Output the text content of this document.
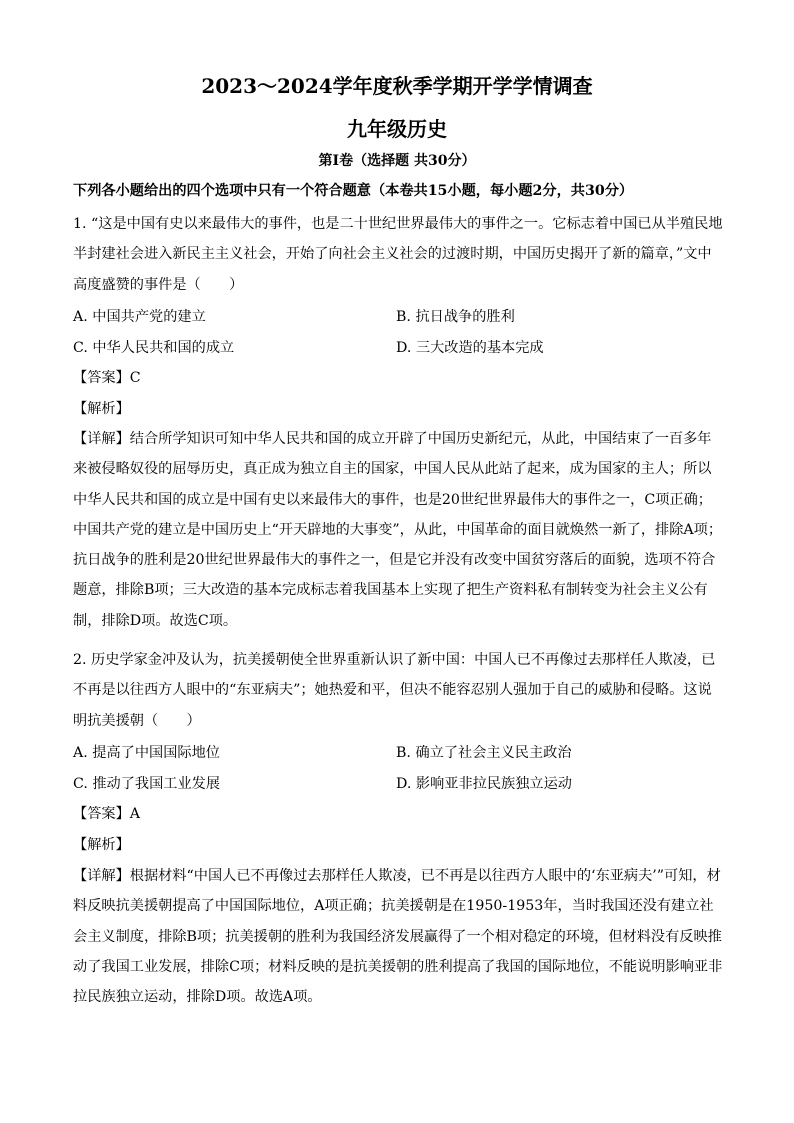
2023～2024学年度秋季学期开学学情调查
九年级历史
第Ⅰ卷（选择题 共30分）
下列各小题给出的四个选项中只有一个符合题意（本卷共15小题，每小题2分，共30分）
1. “这是中国有史以来最伟大的事件，也是二十世纪世界最伟大的事件之一。它标志着中国已从半殖民地半封建社会进入新民主主义社会，开始了向社会主义社会的过渡时期，中国历史揭开了新的篇章，”文中高度盛赞的事件是（　　）
A. 中国共产党的建立	B. 抗日战争的胜利
C. 中华人民共和国的成立	D. 三大改造的基本完成
【答案】C
【解析】
【详解】结合所学知识可知中华人民共和国的成立开辟了中国历史新纪元，从此，中国结束了一百多年来被侵略奴役的屈辱历史，真正成为独立自主的国家，中国人民从此站了起来，成为国家的主人；所以中华人民共和国的成立是中国有史以来最伟大的事件，也是20世纪世界最伟大的事件之一，C项正确；中国共产党的建立是中国历史上“开天辟地的大事变”，从此，中国革命的面目就焕然一新了，排除A项；抗日战争的胜利是20世纪世界最伟大的事件之一，但是它并没有改变中国贫穷落后的面貌，选项不符合题意，排除B项；三大改造的基本完成标志着我国基本上实现了把生产资料私有制转变为社会主义公有制，排除D项。故选C项。
2. 历史学家金冲及认为，抗美援朝使全世界重新认识了新中国：中国人已不再像过去那样任人欺凌，已不再是以往西方人眼中的“东亚病夫”；她热爱和平，但决不能容忍别人强加于自己的威胁和侵略。这说明抗美援朝（　　）
A. 提高了中国国际地位	B. 确立了社会主义民主政治
C. 推动了我国工业发展	D. 影响亚非拉民族独立运动
【答案】A
【解析】
【详解】根据材料“中国人已不再像过去那样任人欺凌，已不再是以往西方人眼中的‘东亚病夫’”可知，材料反映抗美援朝提高了中国国际地位，A项正确；抗美援朝是在1950-1953年，当时我国还没有建立社会主义制度，排除B项；抗美援朝的胜利为我国经济发展赢得了一个相对稳定的环境，但材料没有反映推动了我国工业发展，排除C项；材料反映的是抗美援朝的胜利提高了我国的国际地位，不能说明影响亚非拉民族独立运动，排除D项。故选A项。
